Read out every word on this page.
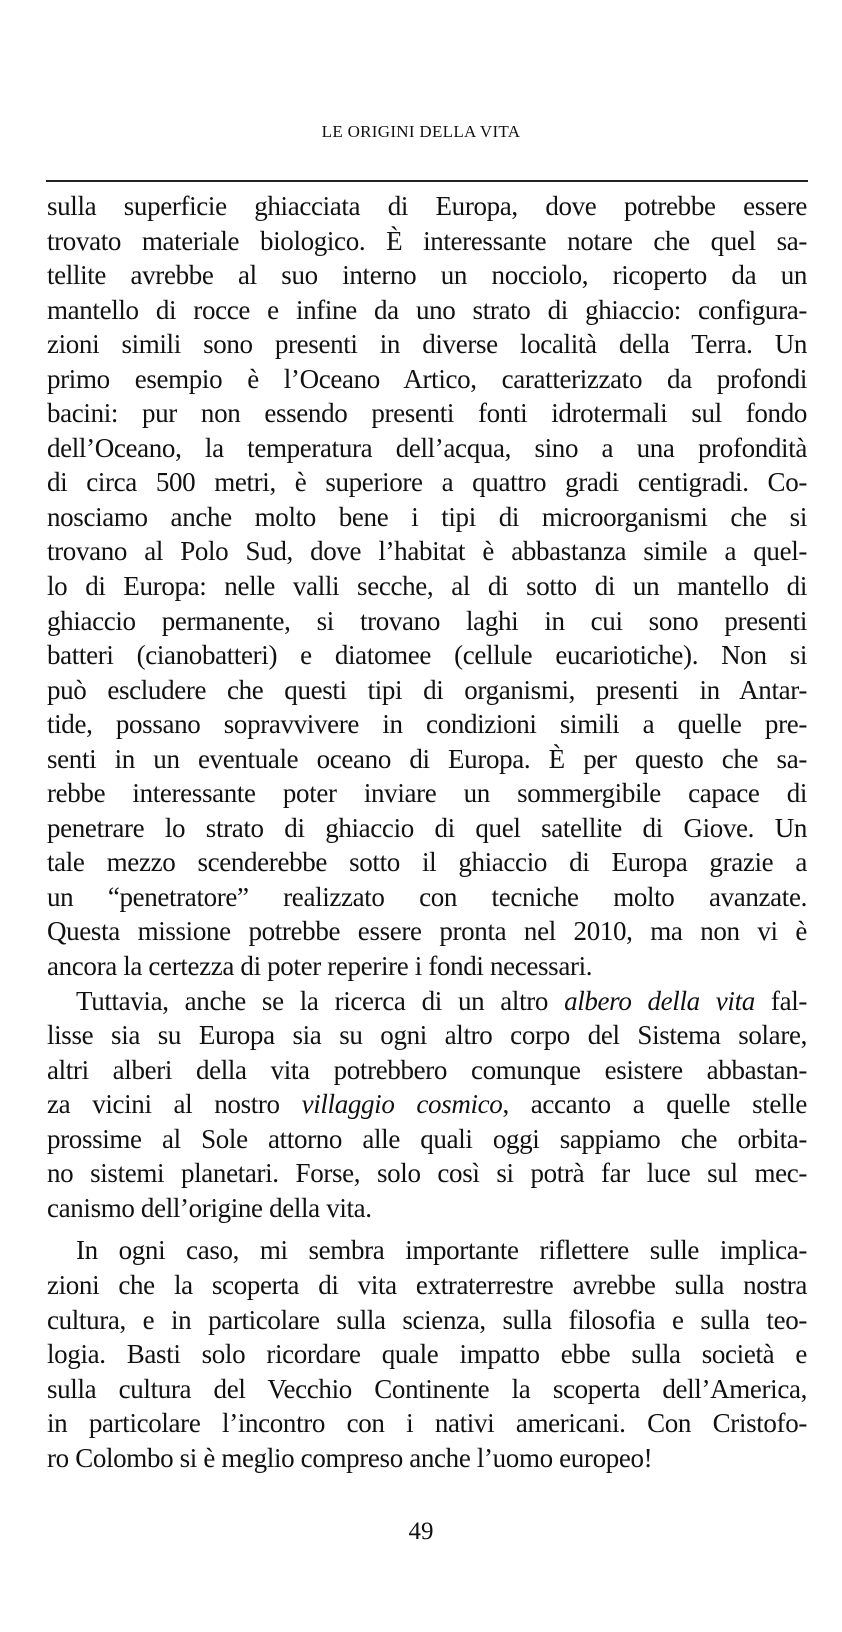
LE ORIGINI DELLA VITA
sulla superficie ghiacciata di Europa, dove potrebbe essere
trovato materiale biologico. È interessante notare che quel sa-
tellite avrebbe al suo interno un nocciolo, ricoperto da un
mantello di rocce e infine da uno strato di ghiaccio: configura-
zioni simili sono presenti in diverse località della Terra. Un
primo esempio è l’Oceano Artico, caratterizzato da profondi
bacini: pur non essendo presenti fonti idrotermali sul fondo
dell’Oceano, la temperatura dell’acqua, sino a una profondità
di circa 500 metri, è superiore a quattro gradi centigradi. Co-
nosciamo anche molto bene i tipi di microorganismi che si
trovano al Polo Sud, dove l’habitat è abbastanza simile a quel-
lo di Europa: nelle valli secche, al di sotto di un mantello di
ghiaccio permanente, si trovano laghi in cui sono presenti
batteri (cianobatteri) e diatomee (cellule eucariotiche). Non si
può escludere che questi tipi di organismi, presenti in Antar-
tide, possano sopravvivere in condizioni simili a quelle pre-
senti in un eventuale oceano di Europa. È per questo che sa-
rebbe interessante poter inviare un sommergibile capace di
penetrare lo strato di ghiaccio di quel satellite di Giove. Un
tale mezzo scenderebbe sotto il ghiaccio di Europa grazie a
un “penetratore” realizzato con tecniche molto avanzate.
Questa missione potrebbe essere pronta nel 2010, ma non vi è
ancora la certezza di poter reperire i fondi necessari.
Tuttavia, anche se la ricerca di un altro albero della vita fal-
lisse sia su Europa sia su ogni altro corpo del Sistema solare,
altri alberi della vita potrebbero comunque esistere abbastan-
za vicini al nostro villaggio cosmico, accanto a quelle stelle
prossime al Sole attorno alle quali oggi sappiamo che orbita-
no sistemi planetari. Forse, solo così si potrà far luce sul mec-
canismo dell’origine della vita.
In ogni caso, mi sembra importante riflettere sulle implica-
zioni che la scoperta di vita extraterrestre avrebbe sulla nostra
cultura, e in particolare sulla scienza, sulla filosofia e sulla teo-
logia. Basti solo ricordare quale impatto ebbe sulla società e
sulla cultura del Vecchio Continente la scoperta dell’America,
in particolare l’incontro con i nativi americani. Con Cristofo-
ro Colombo si è meglio compreso anche l’uomo europeo!
49
